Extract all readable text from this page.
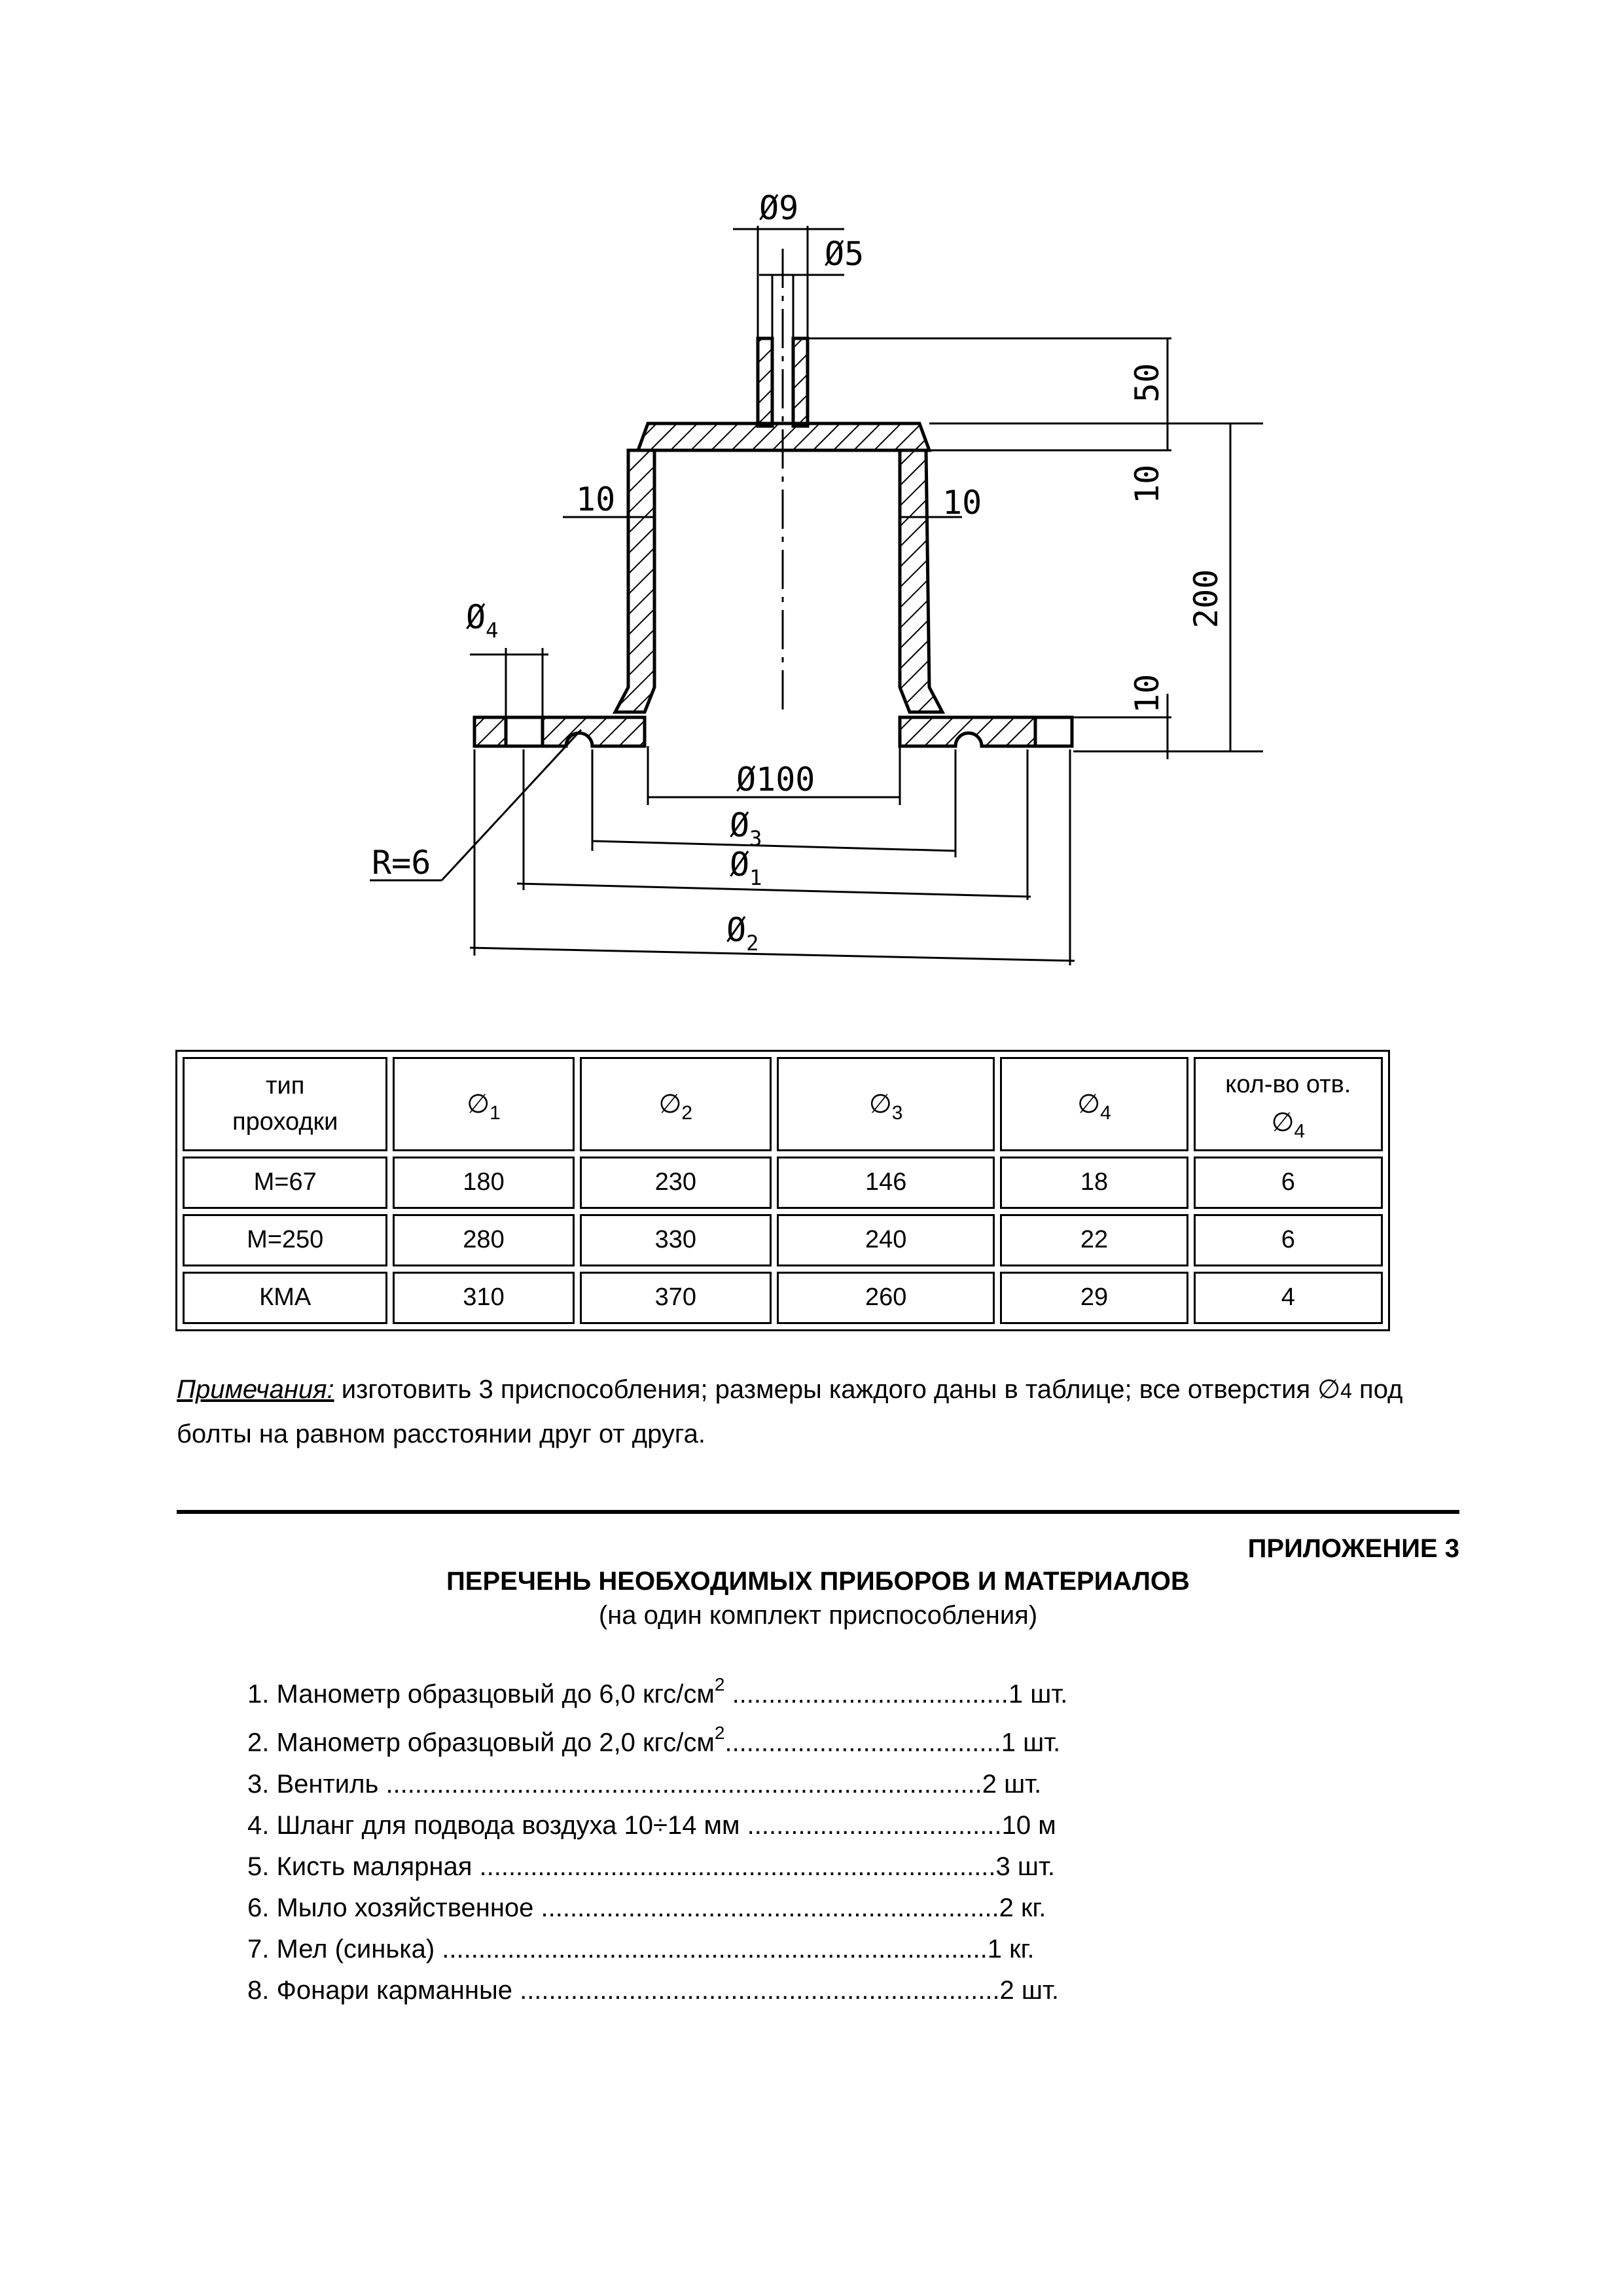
Ø9
Ø5
50
10
200
10
10	10
$Ø_4$
Ø100
$Ø_3$
$Ø_1$
$Ø_2$
R=6
тип
проходки	$\emptyset_1$	$\emptyset_2$	$\emptyset_3$	$\emptyset_4$	кол-во отв.
$\emptyset_4$
М=67	180	230	146	18	6
М=250	280	330	240	22	6
КМА	310	370	260	29	4
Примечания: изготовить 3 приспособления; размеры каждого даны в таблице; все отверстия ∅4 под болты на равном расстоянии друг от друга.
ПРИЛОЖЕНИЕ 3
ПЕРЕЧЕНЬ НЕОБХОДИМЫХ ПРИБОРОВ И МАТЕРИАЛОВ
(на один комплект приспособления)
1. Манометр образцовый до 6,0 кгс/$см^2$ ......................................1 шт.
2. Манометр образцовый до 2,0 кгс/$см^2......................................1$ шт.
3. Вентиль ..................................................................................2 шт.
4. Шланг для подвода воздуха 10÷14 мм ...................................10 м
5. Кисть малярная .......................................................................3 шт.
6. Мыло хозяйственное ...............................................................2 кг.
7. Мел (синька) ...........................................................................1 кг.
8. Фонари карманные ..................................................................2 шт.
